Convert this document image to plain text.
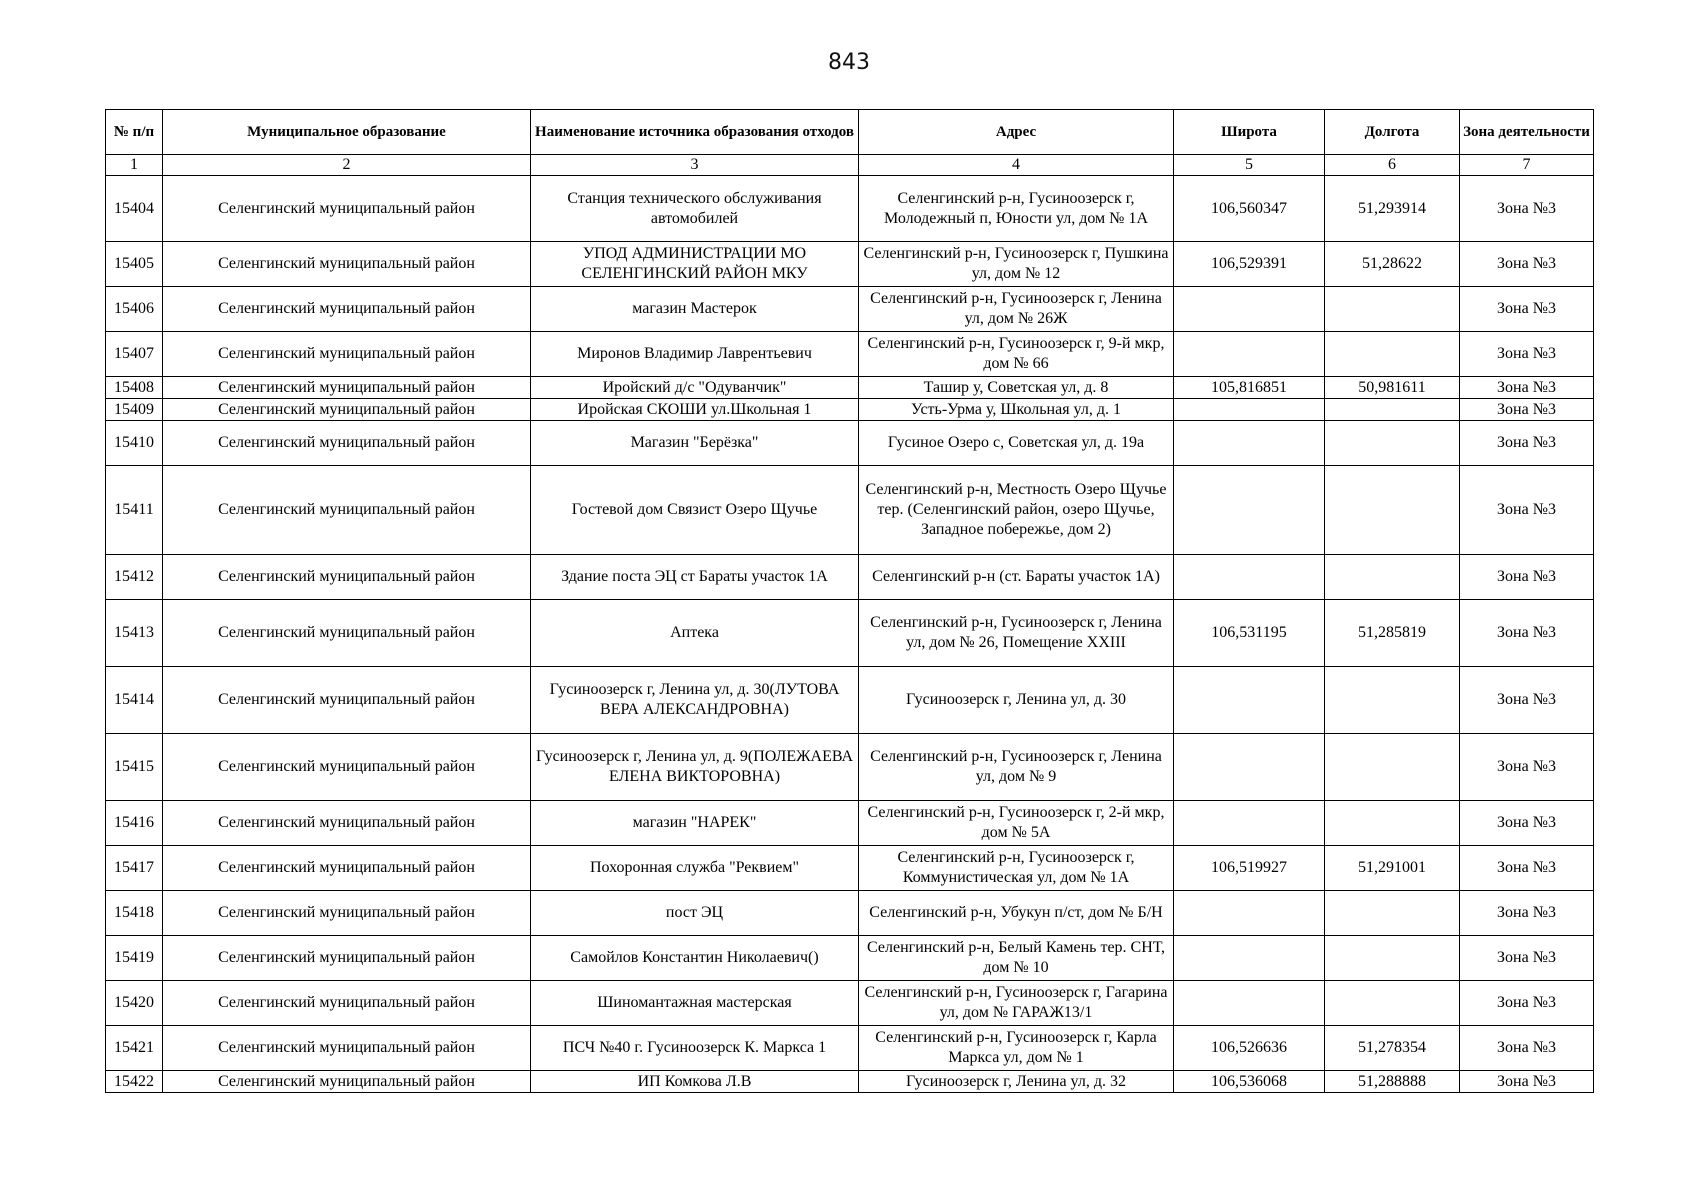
843
№ п/п	Муниципальное образование	Наименование источника образования отходов	Адрес	Широта	Долгота	Зона деятельности
1	2	3	4	5	6	7
15404	Селенгинский муниципальный район	Станция технического обслуживания автомобилей	Селенгинский р-н, Гусиноозерск г, Молодежный п, Юности ул, дом № 1А	106,560347	51,293914	Зона №3
15405	Селенгинский муниципальный район	УПОД АДМИНИСТРАЦИИ МО СЕЛЕНГИНСКИЙ РАЙОН МКУ	Селенгинский р-н, Гусиноозерск г, Пушкина ул, дом № 12	106,529391	51,28622	Зона №3
15406	Селенгинский муниципальный район	магазин Мастерок	Селенгинский р-н, Гусиноозерск г, Ленина ул, дом № 26Ж			Зона №3
15407	Селенгинский муниципальный район	Миронов Владимир Лаврентьевич	Селенгинский р-н, Гусиноозерск г, 9-й мкр, дом № 66			Зона №3
15408	Селенгинский муниципальный район	Иройский д/с "Одуванчик"	Ташир у, Советская ул, д. 8	105,816851	50,981611	Зона №3
15409	Селенгинский муниципальный район	Иройская СКОШИ ул.Школьная 1	Усть-Урма у, Школьная ул, д. 1			Зона №3
15410	Селенгинский муниципальный район	Магазин "Берёзка"	Гусиное Озеро с, Советская ул, д. 19а			Зона №3
15411	Селенгинский муниципальный район	Гостевой дом Связист Озеро Щучье	Селенгинский р-н, Местность Озеро Щучье тер. (Селенгинский район, озеро Щучье, Западное побережье, дом 2)			Зона №3
15412	Селенгинский муниципальный район	Здание поста ЭЦ ст Бараты участок 1А	Селенгинский р-н (ст. Бараты участок 1А)			Зона №3
15413	Селенгинский муниципальный район	Аптека	Селенгинский р-н, Гусиноозерск г, Ленина ул, дом № 26, Помещение XXIII	106,531195	51,285819	Зона №3
15414	Селенгинский муниципальный район	Гусиноозерск г, Ленина ул, д. 30(ЛУТОВА ВЕРА АЛЕКСАНДРОВНА)	Гусиноозерск г, Ленина ул, д. 30			Зона №3
15415	Селенгинский муниципальный район	Гусиноозерск г, Ленина ул, д. 9(ПОЛЕЖАЕВА ЕЛЕНА ВИКТОРОВНА)	Селенгинский р-н, Гусиноозерск г, Ленина ул, дом № 9			Зона №3
15416	Селенгинский муниципальный район	магазин "НАРЕК"	Селенгинский р-н, Гусиноозерск г, 2-й мкр, дом № 5А			Зона №3
15417	Селенгинский муниципальный район	Похоронная служба "Реквием"	Селенгинский р-н, Гусиноозерск г, Коммунистическая ул, дом № 1А	106,519927	51,291001	Зона №3
15418	Селенгинский муниципальный район	пост ЭЦ	Селенгинский р-н, Убукун п/ст, дом № Б/Н			Зона №3
15419	Селенгинский муниципальный район	Самойлов Константин Николаевич()	Селенгинский р-н, Белый Камень тер. СНТ, дом № 10			Зона №3
15420	Селенгинский муниципальный район	Шиномантажная мастерская	Селенгинский р-н, Гусиноозерск г, Гагарина ул, дом № ГАРАЖ13/1			Зона №3
15421	Селенгинский муниципальный район	ПСЧ №40 г. Гусиноозерск К. Маркса 1	Селенгинский р-н, Гусиноозерск г, Карла Маркса ул, дом № 1	106,526636	51,278354	Зона №3
15422	Селенгинский муниципальный район	ИП Комкова Л.В	Гусиноозерск г, Ленина ул, д. 32	106,536068	51,288888	Зона №3
